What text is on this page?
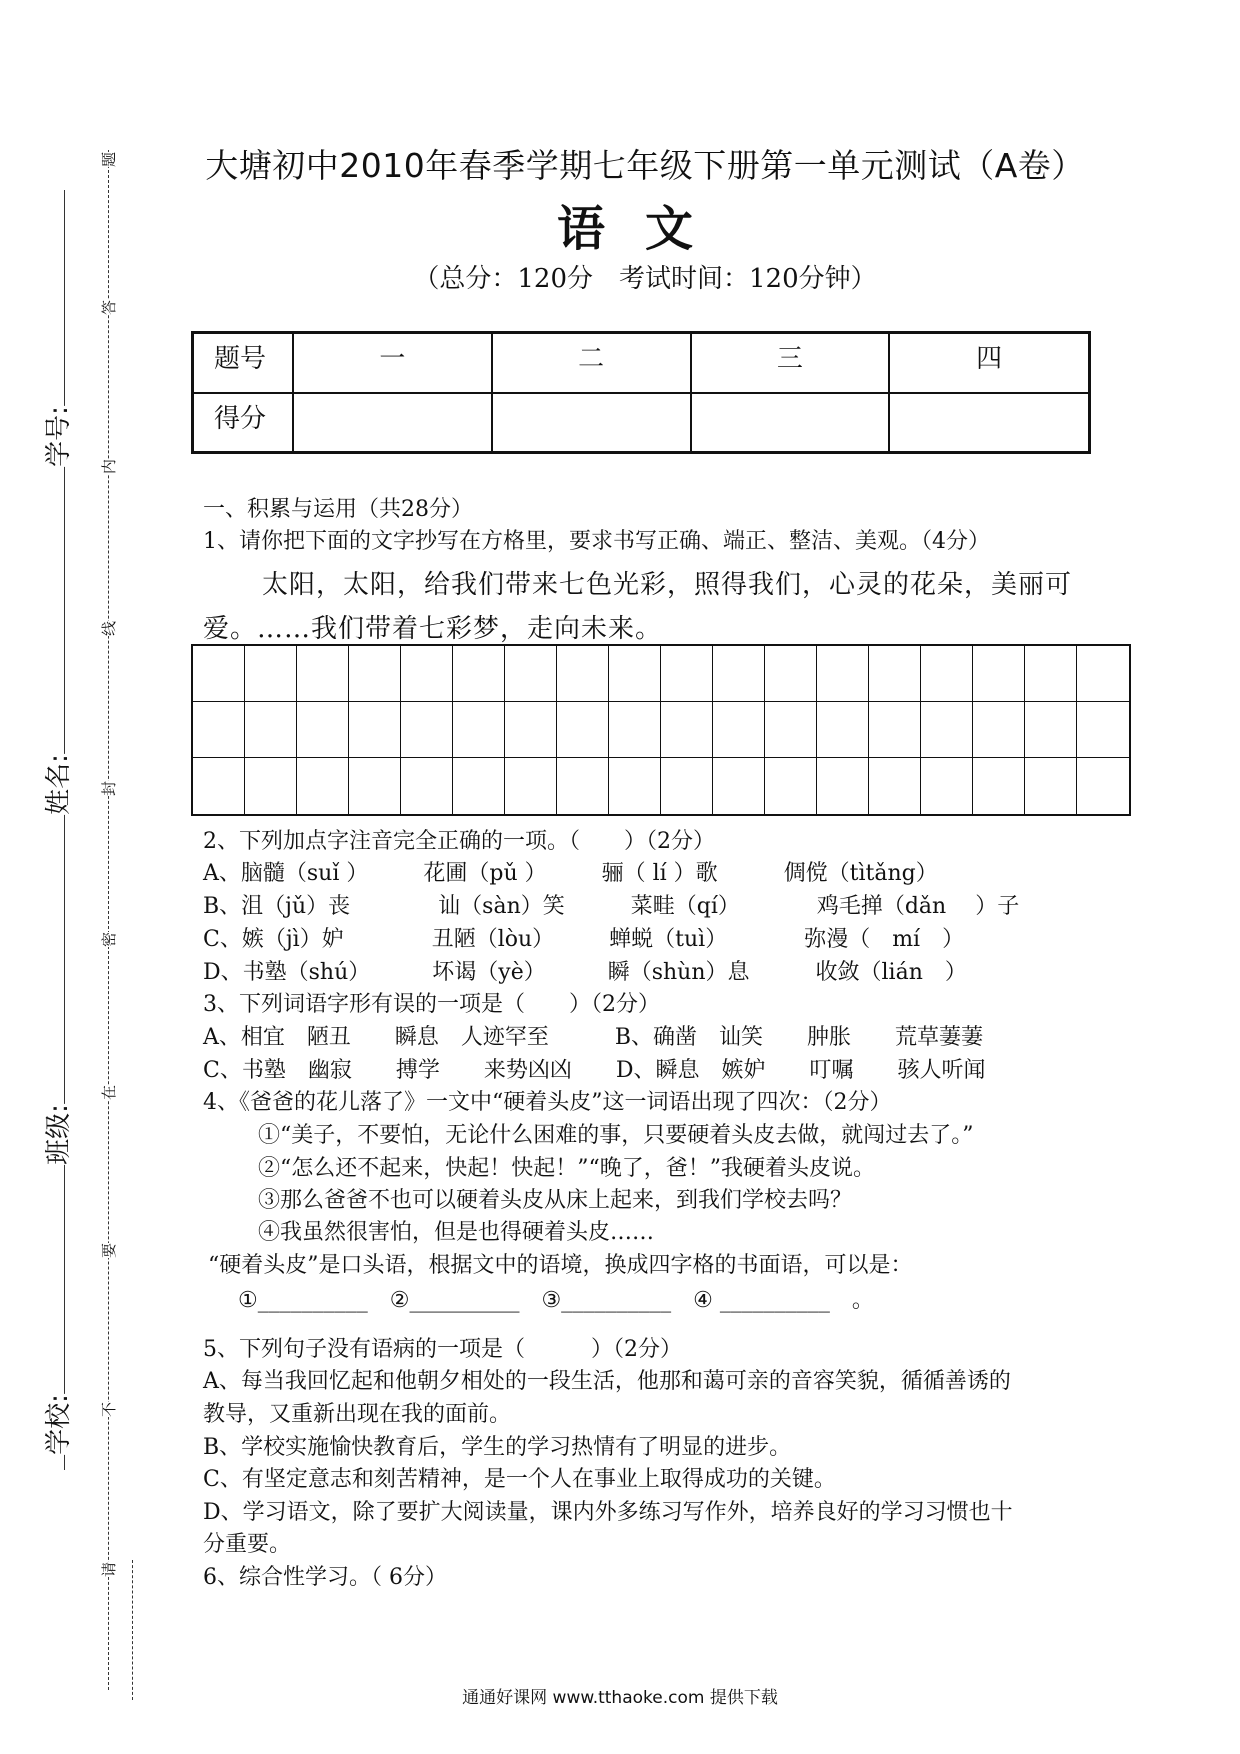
学号:
姓名:
班级:
学校:
题
答
内
线
封
密
在
要
不
请
大塘初中2010年春季学期七年级下册第一单元测试（A卷）
语文
（总分：120分　考试时间：120分钟）
题号	一	二	三	四
得分				
一、积累与运用（共28分）
1、请你把下面的文字抄写在方格里，要求书写正确、端正、整洁、美观。（4分）
太阳，太阳，给我们带来七色光彩，照得我们，心灵的花朵，美丽可
爱。……我们带着七彩梦，走向未来。
2、下列加点字注音完全正确的一项。（　　）（2分）
A、脑髓（suǐ ）　　　花圃（pǔ ）　　　骊（ lí ）歌　　　倜傥（tìtǎng）
B、沮（jǔ）丧　　　　讪（sàn）笑　　　菜畦（qí）　　　　鸡毛掸（dǎn　 ）子
C、嫉（jì）妒　　　　丑陋（lòu）　　　蝉蜕（tuì）　　　　弥漫（　mí　）
D、书塾（shú）　　　 坏谒（yè）　　　 瞬（shùn）息　　　收敛（lián　）
3、下列词语字形有误的一项是（　　）（2分）
A、相宜　陋丑　　瞬息　人迹罕至　　　B、确凿　讪笑　　肿胀　　荒草萋萋
C、书塾　幽寂　　搏学　　来势凶凶　　D、瞬息　嫉妒　　叮嘱　　骇人听闻
4、《爸爸的花儿落了》一文中“硬着头皮”这一词语出现了四次：（2分）
①“美子，不要怕，无论什么困难的事，只要硬着头皮去做，就闯过去了。”
②“怎么还不起来，快起！快起！”“晚了，爸！”我硬着头皮说。
③那么爸爸不也可以硬着头皮从床上起来，到我们学校去吗？
④我虽然很害怕，但是也得硬着头皮……
“硬着头皮”是口头语，根据文中的语境，换成四字格的书面语，可以是：
①__________　②__________　③__________　④ __________　。
5、下列句子没有语病的一项是（　　　）（2分）
A、每当我回忆起和他朝夕相处的一段生活，他那和蔼可亲的音容笑貌，循循善诱的
教导，又重新出现在我的面前。
B、学校实施愉快教育后，学生的学习热情有了明显的进步。
C、有坚定意志和刻苦精神，是一个人在事业上取得成功的关键。
D、学习语文，除了要扩大阅读量，课内外多练习写作外，培养良好的学习习惯也十
分重要。
6、综合性学习。（ 6分）
通通好课网 www.tthaoke.com 提供下载
